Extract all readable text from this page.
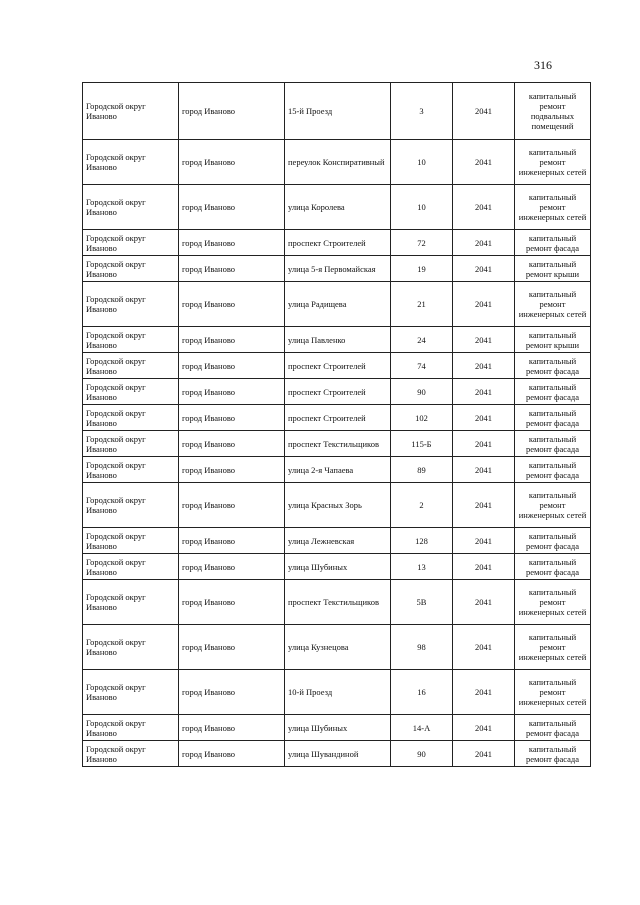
316
Городской округ Иваново	город Иваново	15-й Проезд	3	2041	капитальный ремонт подвальных помещений
Городской округ Иваново	город Иваново	переулок Конспиративный	10	2041	капитальный ремонт инженерных сетей
Городской округ Иваново	город Иваново	улица Королева	10	2041	капитальный ремонт инженерных сетей
Городской округ Иваново	город Иваново	проспект Строителей	72	2041	капитальный ремонт фасада
Городской округ Иваново	город Иваново	улица 5-я Первомайская	19	2041	капитальный ремонт крыши
Городской округ Иваново	город Иваново	улица Радищева	21	2041	капитальный ремонт инженерных сетей
Городской округ Иваново	город Иваново	улица Павленко	24	2041	капитальный ремонт крыши
Городской округ Иваново	город Иваново	проспект Строителей	74	2041	капитальный ремонт фасада
Городской округ Иваново	город Иваново	проспект Строителей	90	2041	капитальный ремонт фасада
Городской округ Иваново	город Иваново	проспект Строителей	102	2041	капитальный ремонт фасада
Городской округ Иваново	город Иваново	проспект Текстильщиков	115-Б	2041	капитальный ремонт фасада
Городской округ Иваново	город Иваново	улица 2-я Чапаева	89	2041	капитальный ремонт фасада
Городской округ Иваново	город Иваново	улица Красных Зорь	2	2041	капитальный ремонт инженерных сетей
Городской округ Иваново	город Иваново	улица Лежневская	128	2041	капитальный ремонт фасада
Городской округ Иваново	город Иваново	улица Шубиных	13	2041	капитальный ремонт фасада
Городской округ Иваново	город Иваново	проспект Текстильщиков	5В	2041	капитальный ремонт инженерных сетей
Городской округ Иваново	город Иваново	улица Кузнецова	98	2041	капитальный ремонт инженерных сетей
Городской округ Иваново	город Иваново	10-й Проезд	16	2041	капитальный ремонт инженерных сетей
Городской округ Иваново	город Иваново	улица Шубиных	14-А	2041	капитальный ремонт фасада
Городской округ Иваново	город Иваново	улица Шувандиной	90	2041	капитальный ремонт фасада
